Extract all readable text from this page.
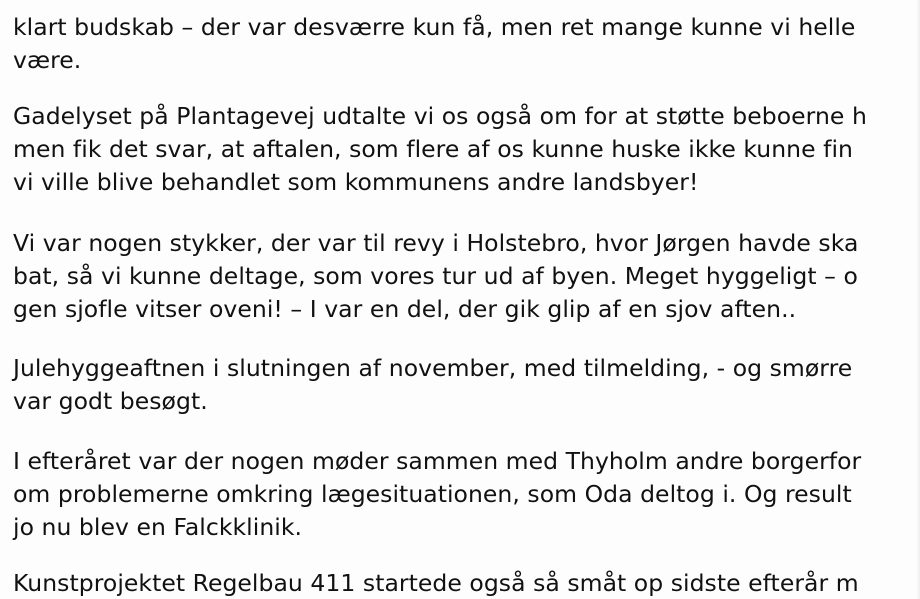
klart budskab – der var desværre kun få, men ret mange kunne vi helle
være.

Gadelyset på Plantagevej udtalte vi os også om for at støtte beboerne h
men fik det svar, at aftalen, som flere af os kunne huske ikke kunne fin
vi ville blive behandlet som kommunens andre landsbyer!

Vi var nogen stykker, der var til revy i Holstebro, hvor Jørgen havde ska
bat, så vi kunne deltage, som vores tur ud af byen. Meget hyggeligt – o
gen sjofle vitser oveni! – I var en del, der gik glip af en sjov aften..

Julehyggeaftnen i slutningen af november, med tilmelding, - og smørre
var godt besøgt.

I efteråret var der nogen møder sammen med Thyholm andre borgerfor
om problemerne omkring lægesituationen, som Oda deltog i. Og result
jo nu blev en Falckklinik.

Kunstprojektet Regelbau 411 startede også så småt op sidste efterår m
